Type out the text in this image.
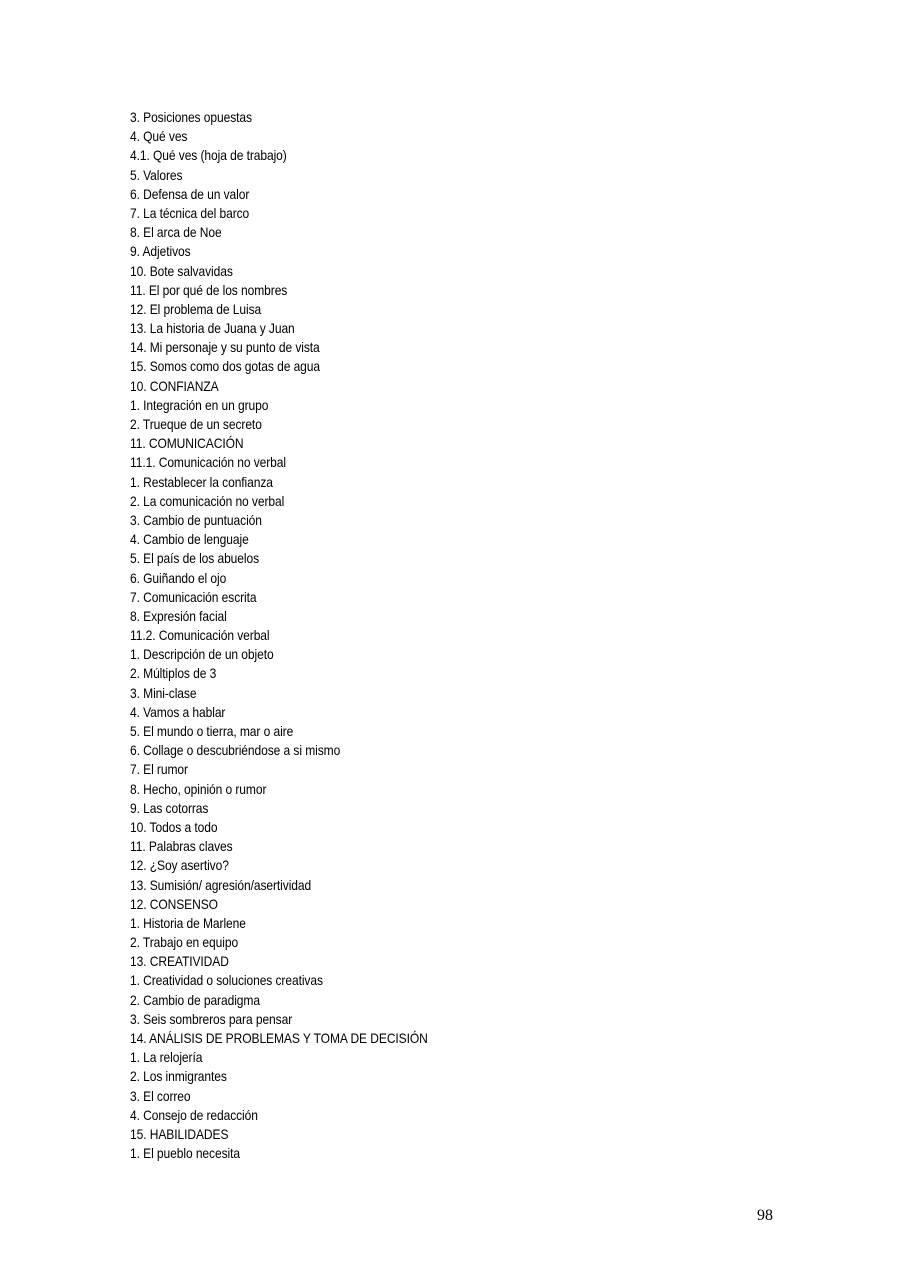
3. Posiciones opuestas
4. Qué ves
4.1. Qué ves (hoja de trabajo)
5. Valores
6. Defensa de un valor
7. La técnica del barco
8. El arca de Noe
9. Adjetivos
10. Bote salvavidas
11. El por qué de los nombres
12. El problema de Luisa
13. La historia de Juana y Juan
14. Mi personaje y su punto de vista
15. Somos como dos gotas de agua
10. CONFIANZA
1. Integración en un grupo
2. Trueque de un secreto
11. COMUNICACIÓN
11.1. Comunicación no verbal
1. Restablecer la confianza
2. La comunicación no verbal
3. Cambio de puntuación
4. Cambio de lenguaje
5. El país de los abuelos
6. Guiñando el ojo
7. Comunicación escrita
8. Expresión facial
11.2. Comunicación verbal
1. Descripción de un objeto
2. Múltiplos de 3
3. Mini-clase
4. Vamos a hablar
5. El mundo o tierra, mar o aire
6. Collage o descubriéndose a si mismo
7. El rumor
8. Hecho, opinión o rumor
9. Las cotorras
10. Todos a todo
11. Palabras claves
12. ¿Soy asertivo?
13. Sumisión/ agresión/asertividad
12. CONSENSO
1. Historia de Marlene
2. Trabajo en equipo
13. CREATIVIDAD
1. Creatividad o soluciones creativas
2. Cambio de paradigma
3. Seis sombreros para pensar
14. ANÁLISIS DE PROBLEMAS Y TOMA DE DECISIÓN
1. La relojería
2. Los inmigrantes
3. El correo
4. Consejo de redacción
15. HABILIDADES
1. El pueblo necesita
98
